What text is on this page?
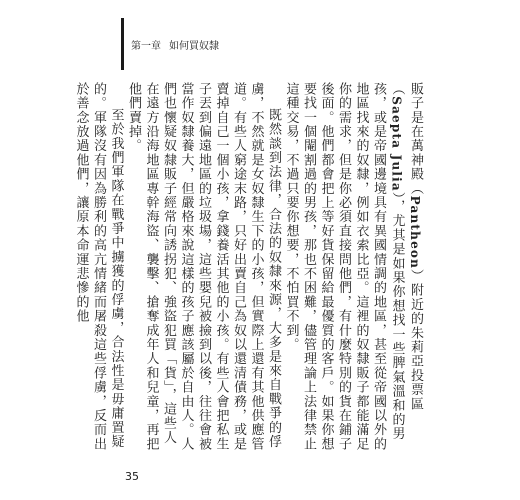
第一章 如何買奴隸

販子是在萬神殿（Pantheon）附近的朱莉亞投票區（Saepta Julia），尤其是如果你想找一些脾氣溫和的男孩，或是帝國邊境具有異國情調的地區，甚至從帝國以外的地區找來的奴隸，例如衣索比亞。這裡的奴隸販子都能滿足你的需求，但是你必須直接問他們，有什麼特別的貨在鋪子後面。他們都會把上等好貨保留給最優質的客戶。如果你想要找一個閹割過的男孩，那也不困難，儘管理論上法律禁止這種交易，不過只要你想要，不怕買不到。

既然談到法律，合法的奴隸來源，大多是來自戰爭的俘虜，不然就是女奴隸生下的小孩，但實際上還有其他供應管道。有些人窮途末路，只好出賣自己為奴以還清債務，或是賣掉自己一個小孩，拿錢養活其他的小孩。有些人會把私生子丟到偏遠地區的垃圾場，這些嬰兒被撿到以後，往往會被當作奴隸養大，但嚴格來說這樣的孩子應該屬於自由人。人們也懷疑奴隸販子經常向誘拐犯、強盜犯買「貨」，這些人在遠方沿海地區專幹海盜、襲擊、搶奪成年人和兒童，再把他們賣掉。

至於我們軍隊在戰爭中擄獲的俘虜，合法性是毋庸置疑的。軍隊沒有因為勝利的高亢情緒而屠殺這些俘虜，反而出於善念放過他們，讓原本命運悲慘的他

35
